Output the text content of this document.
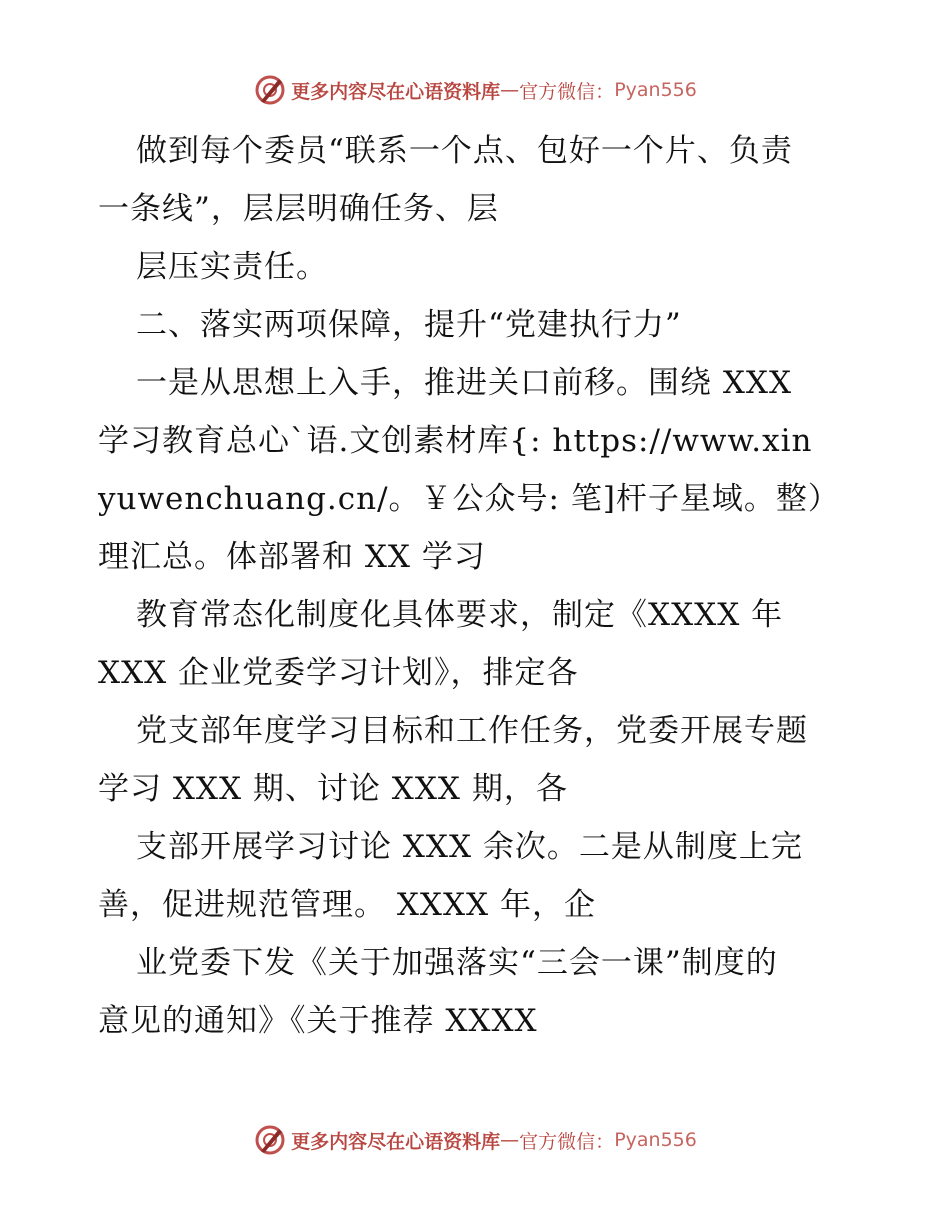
更多内容尽在心语资料库 — 官方微信： Pyan556
做到每个委员“联系一个点、包好一个片、负责
一条线”，层层明确任务、层
层压实责任。
二、落实两项保障，提升“党建执行力”
一是从思想上入手，推进关口前移。围绕 XXX
学习教育总心`语.文创素材库{: https://www.xin
yuwenchuang.cn/。￥公众号: 笔]杆子星域。整）
理汇总。体部署和 XX 学习
教育常态化制度化具体要求，制定《XXXX 年
XXX 企业党委学习计划》，排定各
党支部年度学习目标和工作任务，党委开展专题
学习 XXX 期、讨论 XXX 期，各
支部开展学习讨论 XXX 余次。二是从制度上完
善，促进规范管理。 XXXX 年，企
业党委下发《关于加强落实“三会一课”制度的
意见的通知》《关于推荐 XXXX
更多内容尽在心语资料库 — 官方微信： Pyan556
